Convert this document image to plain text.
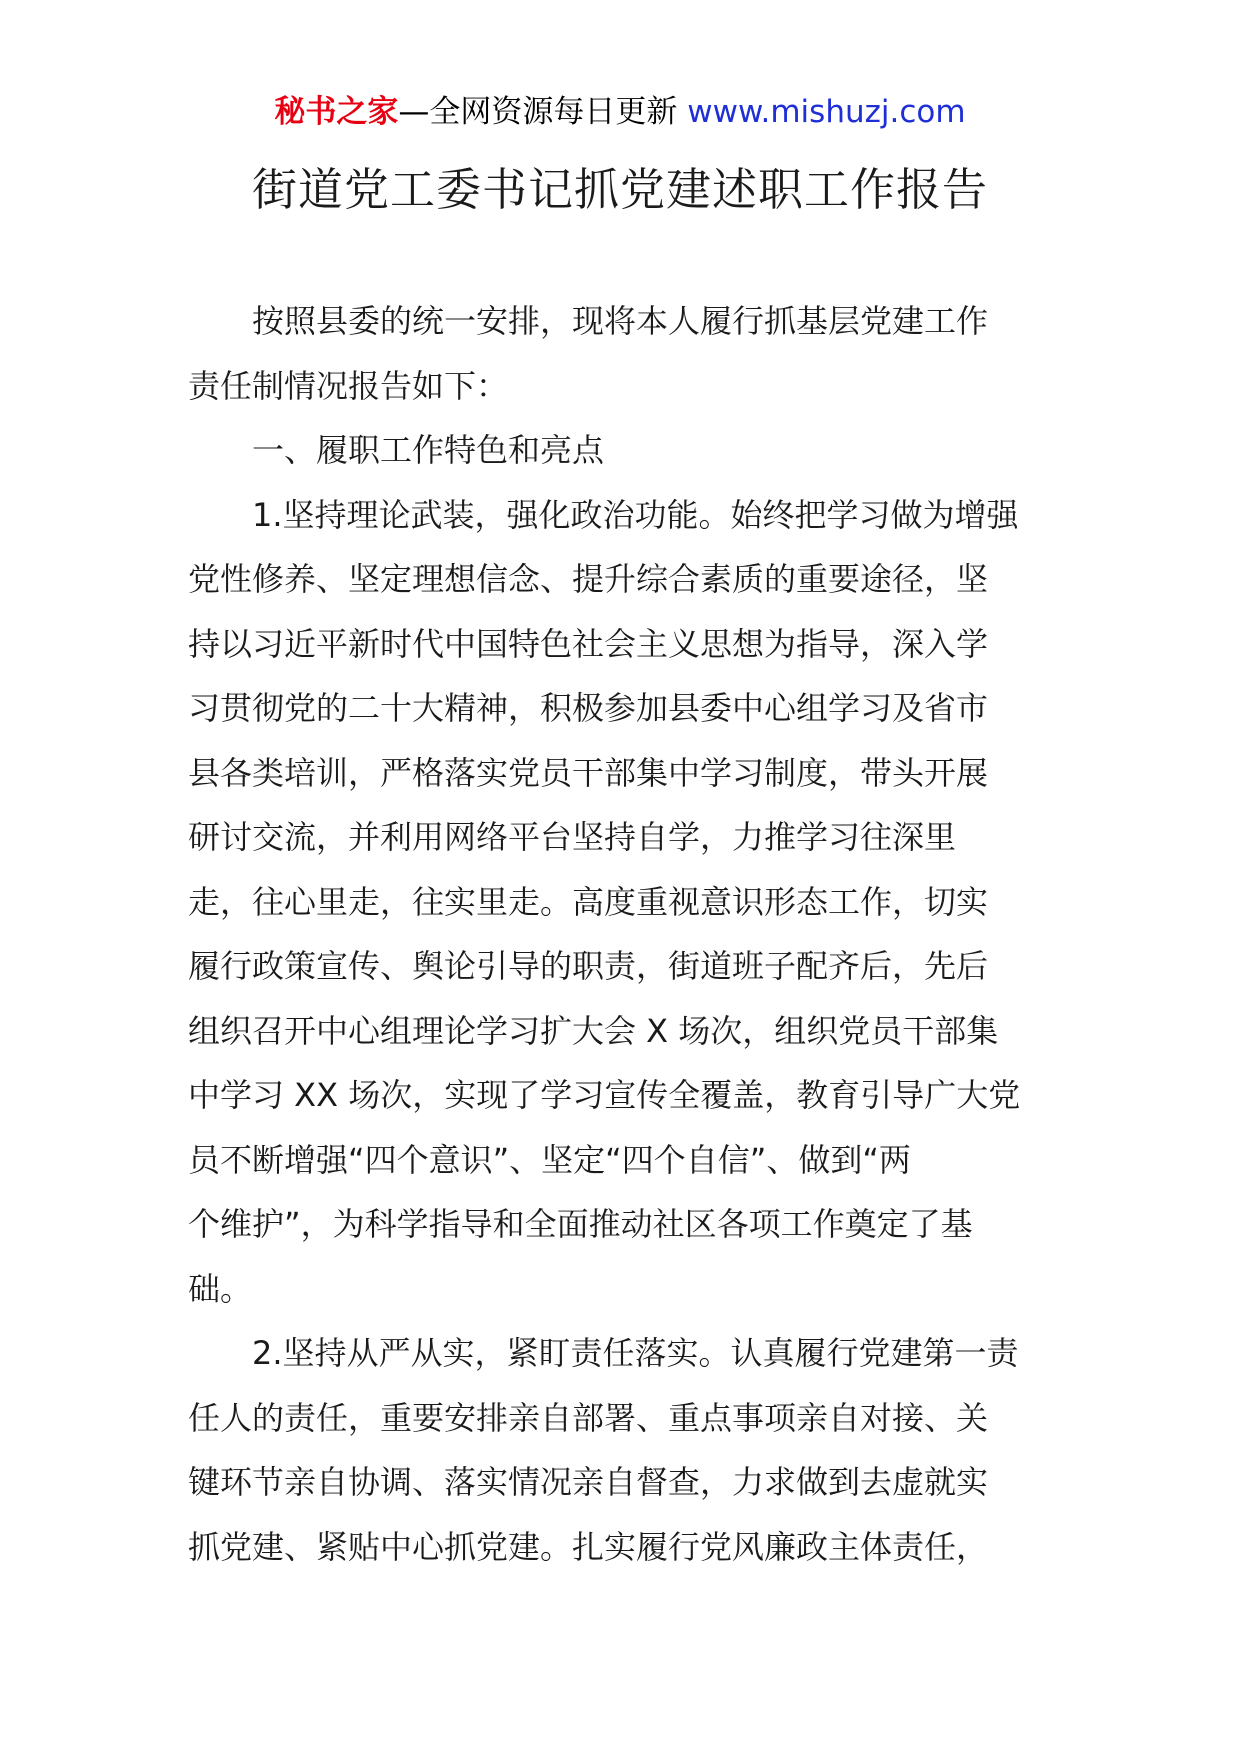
秘书之家—全网资源每日更新 www.mishuzj.com
街道党工委书记抓党建述职工作报告

　　按照县委的统一安排，现将本人履行抓基层党建工作

责任制情况报告如下：

　　一、履职工作特色和亮点

　　1.坚持理论武装，强化政治功能。始终把学习做为增强

党性修养、坚定理想信念、提升综合素质的重要途径，坚

持以习近平新时代中国特色社会主义思想为指导，深入学

习贯彻党的二十大精神，积极参加县委中心组学习及省市

县各类培训，严格落实党员干部集中学习制度，带头开展

研讨交流，并利用网络平台坚持自学，力推学习往深里

走，往心里走，往实里走。高度重视意识形态工作，切实

履行政策宣传、舆论引导的职责，街道班子配齐后，先后

组织召开中心组理论学习扩大会 X 场次，组织党员干部集

中学习 XX 场次，实现了学习宣传全覆盖，教育引导广大党

员不断增强“四个意识”、坚定“四个自信”、做到“两

个维护”，为科学指导和全面推动社区各项工作奠定了基

础。

　　2.坚持从严从实，紧盯责任落实。认真履行党建第一责

任人的责任，重要安排亲自部署、重点事项亲自对接、关

键环节亲自协调、落实情况亲自督查，力求做到去虚就实

抓党建、紧贴中心抓党建。扎实履行党风廉政主体责任，
